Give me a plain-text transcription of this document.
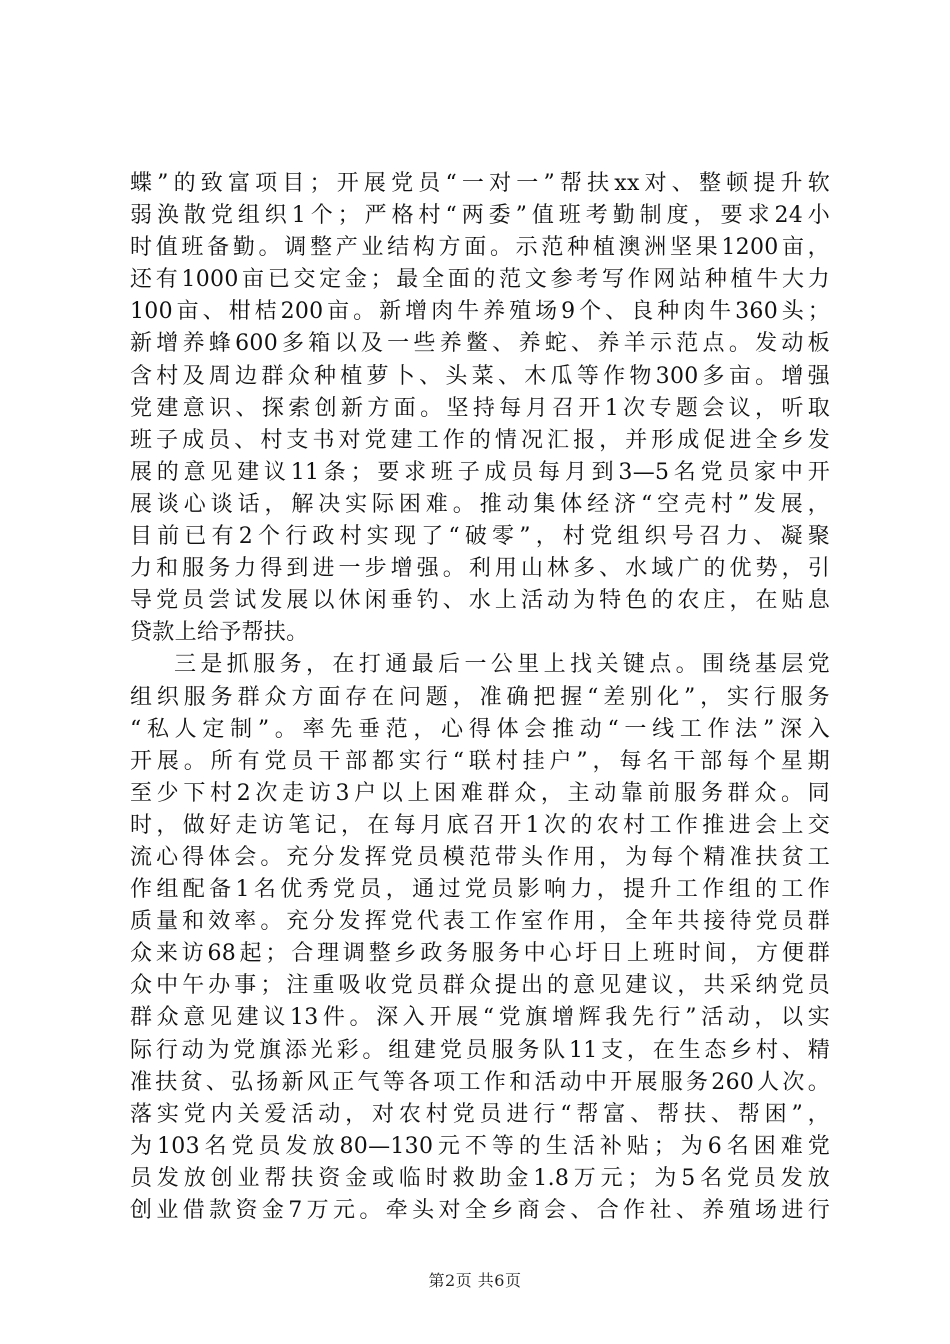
蝶”的致富项目；开展党员“一对一”帮扶xx对、整顿提升软
弱涣散党组织1个；严格村“两委”值班考勤制度，要求24小
时值班备勤。调整产业结构方面。示范种植澳洲坚果1200亩，
还有1000亩已交定金；最全面的范文参考写作网站种植牛大力
100亩、柑桔200亩。新增肉牛养殖场9个、良种肉牛360头；
新增养蜂600多箱以及一些养鳖、养蛇、养羊示范点。发动板
含村及周边群众种植萝卜、头菜、木瓜等作物300多亩。增强
党建意识、探索创新方面。坚持每月召开1次专题会议，听取
班子成员、村支书对党建工作的情况汇报，并形成促进全乡发
展的意见建议11条；要求班子成员每月到3—5名党员家中开
展谈心谈话，解决实际困难。推动集体经济“空壳村”发展，
目前已有2个行政村实现了“破零”，村党组织号召力、凝聚
力和服务力得到进一步增强。利用山林多、水域广的优势，引
导党员尝试发展以休闲垂钓、水上活动为特色的农庄，在贴息
贷款上给予帮扶。
三是抓服务，在打通最后一公里上找关键点。围绕基层党
组织服务群众方面存在问题，准确把握“差别化”，实行服务
“私人定制”。率先垂范，心得体会推动“一线工作法”深入
开展。所有党员干部都实行“联村挂户”，每名干部每个星期
至少下村2次走访3户以上困难群众，主动靠前服务群众。同
时，做好走访笔记，在每月底召开1次的农村工作推进会上交
流心得体会。充分发挥党员模范带头作用，为每个精准扶贫工
作组配备1名优秀党员，通过党员影响力，提升工作组的工作
质量和效率。充分发挥党代表工作室作用，全年共接待党员群
众来访68起；合理调整乡政务服务中心圩日上班时间，方便群
众中午办事；注重吸收党员群众提出的意见建议，共采纳党员
群众意见建议13件。深入开展“党旗增辉我先行”活动，以实
际行动为党旗添光彩。组建党员服务队11支，在生态乡村、精
准扶贫、弘扬新风正气等各项工作和活动中开展服务260人次。
落实党内关爱活动，对农村党员进行“帮富、帮扶、帮困”，
为103名党员发放80—130元不等的生活补贴；为6名困难党
员发放创业帮扶资金或临时救助金1.8万元；为5名党员发放
创业借款资金7万元。牵头对全乡商会、合作社、养殖场进行
第2页 共6页
